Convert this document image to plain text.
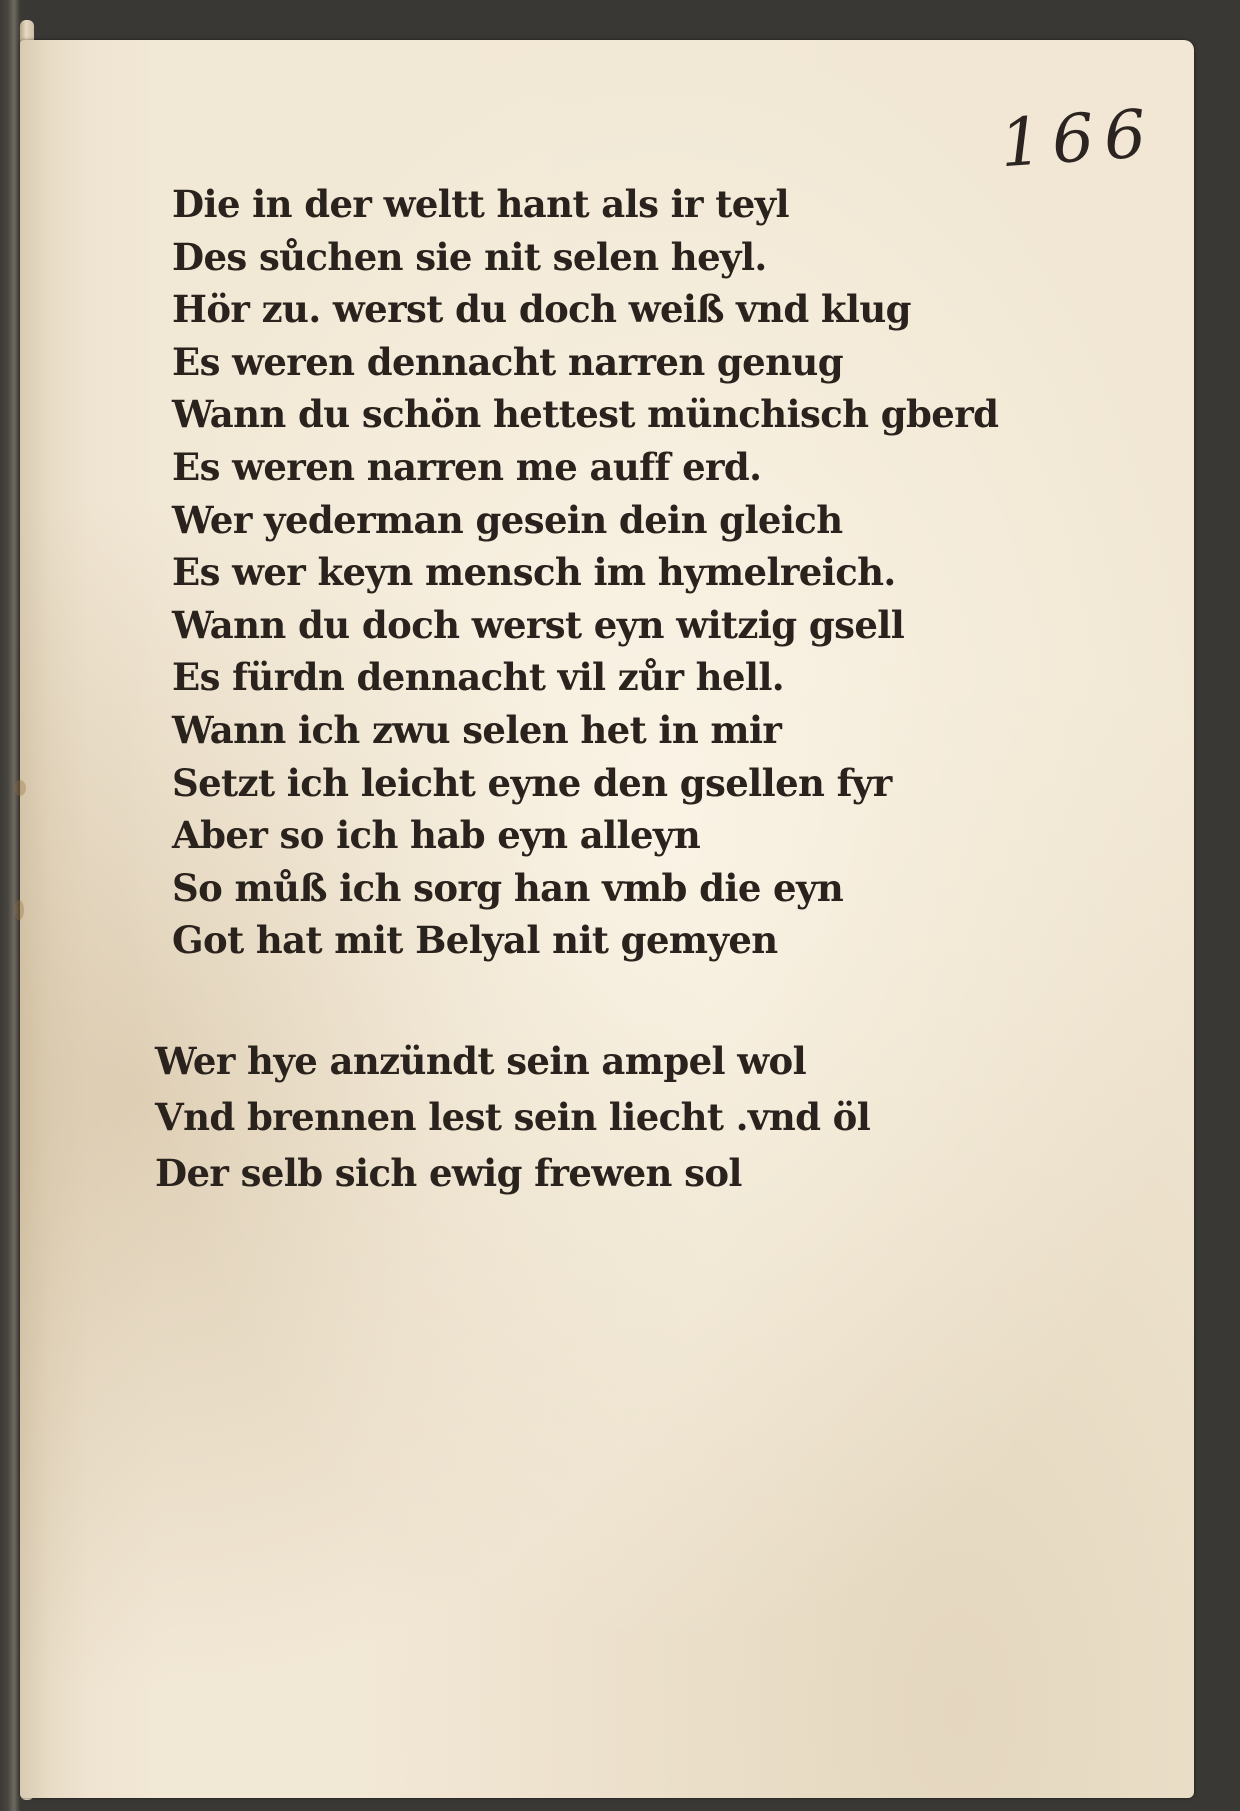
166
Die in der weltt hant als ir teyl
Des sůchen sie nit selen heyl.
Hör zu. werst du doch weiß vnd klug
Es weren dennacht narren genug
Wann du schön hettest münchisch gberd
Es weren narren me auff erd.
Wer yederman gesein dein gleich
Es wer keyn mensch im hymelreich.
Wann du doch werst eyn witzig gsell
Es fürdn dennacht vil zůr hell.
Wann ich zwu selen het in mir
Setzt ich leicht eyne den gsellen fyr
Aber so ich hab eyn alleyn
So můß ich sorg han vmb die eyn
Got hat mit Belyal nit gemyen
Wer hye anzündt sein ampel wol
Vnd brennen lest sein liecht .vnd öl
Der selb sich ewig frewen sol
